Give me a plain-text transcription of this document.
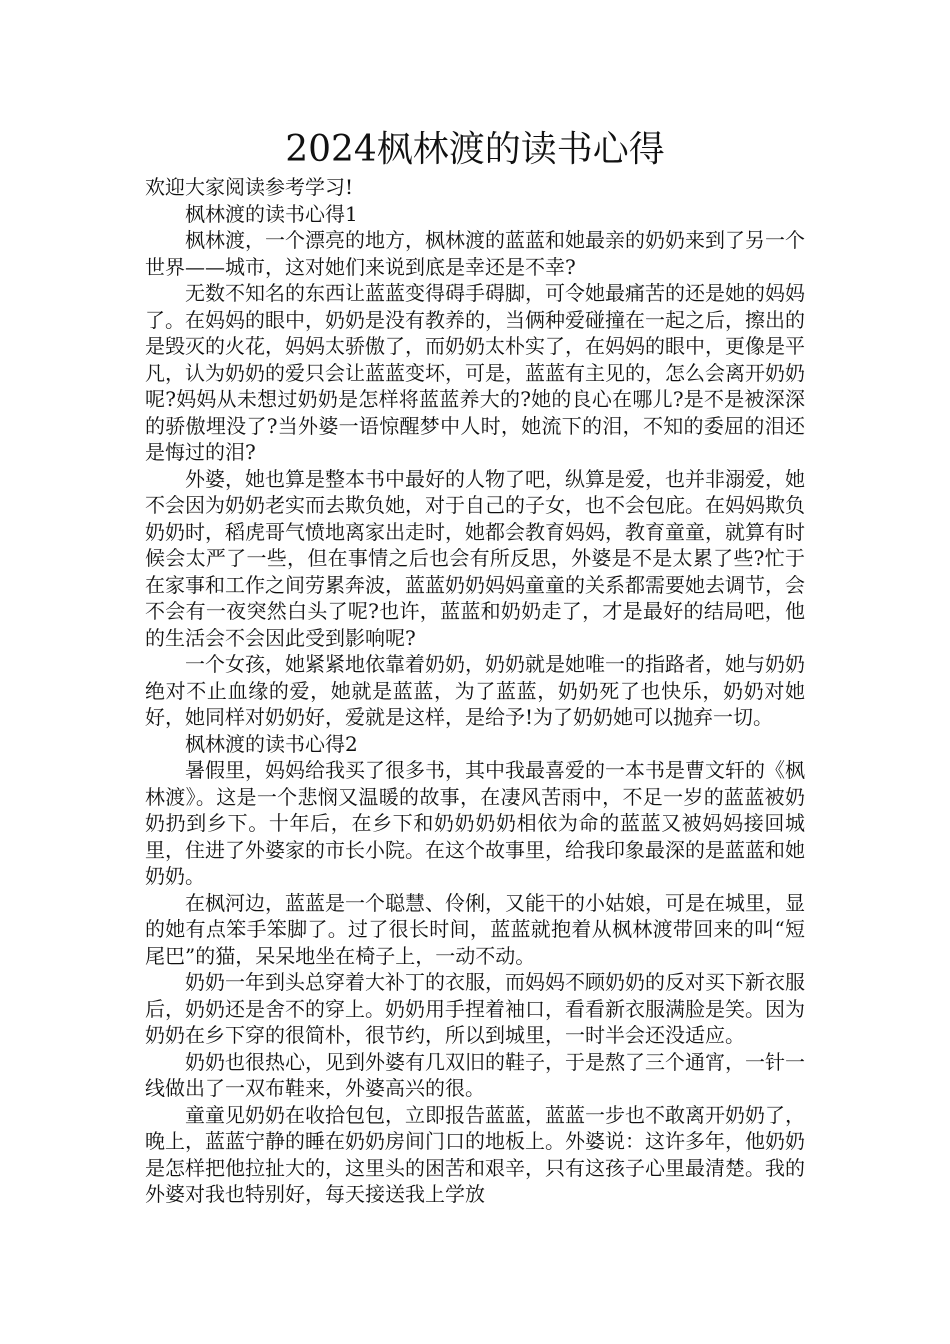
2024枫林渡的读书心得

欢迎大家阅读参考学习!

枫林渡的读书心得1

枫林渡，一个漂亮的地方，枫林渡的蓝蓝和她最亲的奶奶来到了另一个世界——城市，这对她们来说到底是幸还是不幸?

无数不知名的东西让蓝蓝变得碍手碍脚，可令她最痛苦的还是她的妈妈了。在妈妈的眼中，奶奶是没有教养的，当俩种爱碰撞在一起之后，擦出的是毁灭的火花，妈妈太骄傲了，而奶奶太朴实了，在妈妈的眼中，更像是平凡，认为奶奶的爱只会让蓝蓝变坏，可是，蓝蓝有主见的，怎么会离开奶奶呢?妈妈从未想过奶奶是怎样将蓝蓝养大的?她的良心在哪儿?是不是被深深的骄傲埋没了?当外婆一语惊醒梦中人时，她流下的泪，不知的委屈的泪还是悔过的泪?

外婆，她也算是整本书中最好的人物了吧，纵算是爱，也并非溺爱，她不会因为奶奶老实而去欺负她，对于自己的子女，也不会包庇。在妈妈欺负奶奶时，稻虎哥气愤地离家出走时，她都会教育妈妈，教育童童，就算有时候会太严了一些，但在事情之后也会有所反思，外婆是不是太累了些?忙于在家事和工作之间劳累奔波，蓝蓝奶奶妈妈童童的关系都需要她去调节，会不会有一夜突然白头了呢?也许，蓝蓝和奶奶走了，才是最好的结局吧，他的生活会不会因此受到影响呢?

一个女孩，她紧紧地依靠着奶奶，奶奶就是她唯一的指路者，她与奶奶绝对不止血缘的爱，她就是蓝蓝，为了蓝蓝，奶奶死了也快乐，奶奶对她好，她同样对奶奶好，爱就是这样，是给予!为了奶奶她可以抛弃一切。

枫林渡的读书心得2

暑假里，妈妈给我买了很多书，其中我最喜爱的一本书是曹文轩的《枫林渡》。这是一个悲悯又温暖的故事，在凄风苦雨中，不足一岁的蓝蓝被奶奶扔到乡下。十年后，在乡下和奶奶奶奶相依为命的蓝蓝又被妈妈接回城里，住进了外婆家的市长小院。在这个故事里，给我印象最深的是蓝蓝和她奶奶。

在枫河边，蓝蓝是一个聪慧、伶俐，又能干的小姑娘，可是在城里，显的她有点笨手笨脚了。过了很长时间，蓝蓝就抱着从枫林渡带回来的叫“短尾巴”的猫，呆呆地坐在椅子上，一动不动。

奶奶一年到头总穿着大补丁的衣服，而妈妈不顾奶奶的反对买下新衣服后，奶奶还是舍不的穿上。奶奶用手捏着袖口，看看新衣服满脸是笑。因为奶奶在乡下穿的很简朴，很节约，所以到城里，一时半会还没适应。

奶奶也很热心，见到外婆有几双旧的鞋子，于是熬了三个通宵，一针一线做出了一双布鞋来，外婆高兴的很。

童童见奶奶在收拾包包，立即报告蓝蓝，蓝蓝一步也不敢离开奶奶了，晚上，蓝蓝宁静的睡在奶奶房间门口的地板上。外婆说：这许多年，他奶奶是怎样把他拉扯大的，这里头的困苦和艰辛，只有这孩子心里最清楚。我的外婆对我也特别好，每天接送我上学放
